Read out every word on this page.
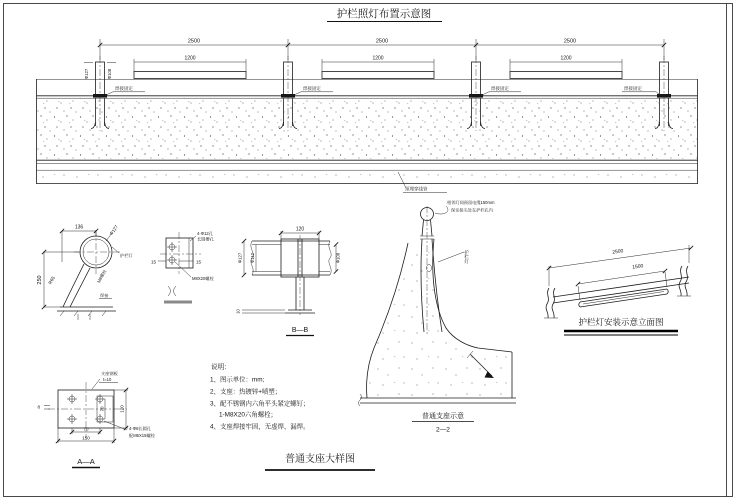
护栏照灯布置示意图
2500	2500	2500
1200	1200	1200
Φ127	Φ108
焊接固定	焊接固定	焊接固定	焊接固定
预埋穿线管
136	Φ127
250 R65
护栏灯
M8螺栓
焊接
15	15
4-Φ12孔
长圆槽孔
M8X20螺栓
120
Φ127 Φ112	Φ108
10
B—B
相邻灯间预留电缆150mm
保证接头处在护栏孔内
护栏灯
普通支座示意
2—2
2500
1500
护栏灯安装示意立面图
8
70
150
70	120
支座钢板
t=10
4-Φ8长圆孔
配M6X15螺栓
A—A
说明：
1、图示单位：mm;
2、支座：热镀锌+喷塑；
3、配不锈钢内六角平头紧定螺钉；
1-M8X20六角螺栓；
4、支座焊接牢固，无虚焊、漏焊。
普通支座大样图
